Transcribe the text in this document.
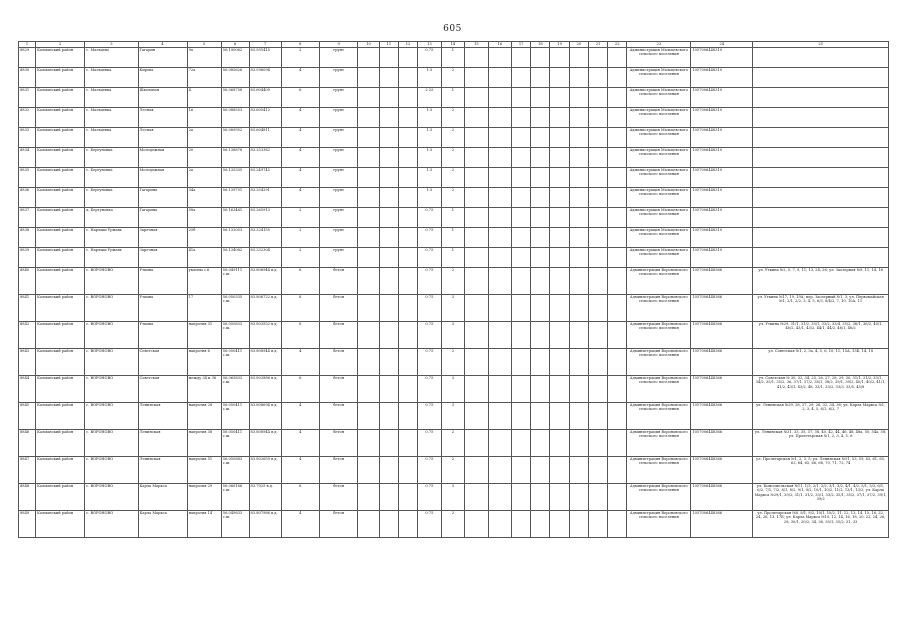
605
1	2	3	4	5	6	7	8	9	10	11	12	13	14	15	16	17	18	19	20	21	22	23	24	25
8829	Калманский район	с. Мальцево	Гагарин	9а	56.190062	83.591415	2	грунт				0.75	1									Администрация Мальцевского сельского поселения	1057006448310	
8830	Калманский район	с. Мальцевка	Кирова	72а	56.085626	83.596094	4	грунт				1.5	2									Администрация Мальцевского сельского поселения	1057006448310	
8831	Калманский район	с. Мальцевка	Школьная	4	56.068758	83.604409	6	грунт				2.25	1									Администрация Мальцевского сельского поселения	1057006448310	
8832	Калманский район	с. Мальцевка	Лесная	16	56.088553	83.605412	4	грунт				1.5	2									Администрация Мальцевского сельского поселения	1057006448310	
8833	Калманский район	с. Мальцевка	Лесная	2а	56.089952	83.604811	4	грунт				1.5	2									Администрация Мальцевского сельского поселения	1057006448310	
8834	Калманский район	с. Бергуновка	Молодежная	20	56.138878	83.253382	4	грунт				1.5	2									Администрация Мальцевского сельского поселения	1057006448310	
8835	Калманский район	с. Бергуновка	Молодежная	2а	56.135335	83.249745	4	грунт				1.5	2									Администрация Мальцевского сельского поселения	1057006448310	
8836	Калманский район	с. Бергуновка	Гагарина	34а	56.139751	83.254291	4	грунт				1.5	2									Администрация Мальцевского сельского поселения	1057006448310	
8837	Калманский район	д. Бергуновка	Гагарина	58а	56.163461	83.265913	2	грунт				0.75	1									Администрация Мальцевского сельского поселения	1057006448310	
8838	Калманский район	с. Нарлыш Урмань	Заречная	25б	56.132053	83.224155	2	грунт				0.75	1									Администрация Мальцевского сельского поселения	1057006448310	
8839	Калманский район	с. Нарлыш Урмань	Заречная	41а	56.134082	83.232304	2	грунт				0.75	1									Администрация Мальцевского сельского поселения	1057006448310	
8840	Калманский район	с. ВОРОНОВО	Уткина	уклоны с.6	56.049111 с.ш.	83.806944 в.д.	6	бетон				0.75	2									Администрация Вороновского сельского поселения	1057006448366	ул. Уткина №2, 5, 7, 9, 11, 13, 24, 26; ул. Заозерная №9, 11, 14, 16
8841	Калманский район	с. ВОРОНОВО	Уткина	17	56.050335 с.ш.	83.806722 в.д.	6	бетон				0.75	3									Администрация Вороновского сельского поселения	1057006448366	ул. Уткина №17, 19, 19А; пер. Заозерный №1, 3; ул. Первомайская №1, 2/1, 2/2, 3, 4, 5, 6/3, 6/4/2, 7, 10, 10А, 11
8842	Калманский район	с. ВОРОНОВО	Уткина	напротив 31	56.050833 с.ш.	83.803552 в.д.	6	бетон				0.75	3									Администрация Вороновского сельского поселения	1057006448366	ул. Уткина №29, 31/1, 31/2, 33/1, 33/2, 33/4, 35/2, 36/1, 36/2, 40/1, 40/2, 43/1, 43/2, 44/1, 44/2, 46/1, 46/2
8843	Калманский район	с. ВОРОНОВО	Советская	напротив 6	56.050411 с.ш.	83.808944 в.д.	4	бетон				0.75	2									Администрация Вороновского сельского поселения	1057006448366	ул. Советская №1, 2, 3а, 4, 5, 6, 10, 11, 15А, 15Б, 14, 18
8844	Калманский район	с. ВОРОНОВО	Советская	между 34 и 36	56.065833 с.ш.	83.802886 в.д.	6	бетон				0.75	3									Администрация Вороновского сельского поселения	1057006448366	ул. Советская № 30, 32, 34, 25, 26, 27, 28, 29, 30, 31/1, 31/2, 33/1, 34/2, 35/1, 35/2, 36, 37/1, 37/2, 38/1, 38/2, 39/1, 39/2, 40/1, 40/2, 41/1, 41/2, 43/1, 43/2, 48, 33/1, 33/2, 33/3, 33/5, 45/8
8845	Калманский район	с. ВОРОНОВО	Ленинская	напротив 28	56.050411 с.ш.	83.808694 в.д.	4	бетон				0.75	3									Администрация Вороновского сельского поселения	1057006448366	ул. Ленинская №29, 28, 27, 29, 26, 32, 34, 36; ул. Карла Маркса №1, 2, 3, 4, 5, 6/1, 6/2, 7
8846	Калманский район	с. ВОРОНОВО	Ленинская	напротив 38	56.050411 с.ш.	83.808944 в.д.	4	бетон				0.75	2									Администрация Вороновского сельского поселения	1057006448366	ул. Ленинская №31, 33, 35, 37, 38, 40, 42, 44, 46, 48, 48а, 50, 54а, 58; ул. Пролетарская №1, 2, 3, 4, 5, 6
8847	Калманский район	с. ВОРОНОВО	Ленинская	напротив 51	56.050883 с.ш.	83.802659 в.д.	4	бетон				0.75	2									Администрация Вороновского сельского поселения	1057006448366	ул. Пролетарская №1, 2, 3, 5; ул. Ленинская №51, 53, 59, 63, 61, 65, 63, 64, 65, 66, 68, 70, 71, 72, 74
8848	Калманский район	с. ВОРОНОВО	Карла Маркса	напротив 29	56.066166 с.ш.	83.7925 в.д.	6	бетон				0.75	3									Администрация Вороновского сельского поселения	1057006448366	ул. Комсомольская №11, 1/2, 2/1, 2/2, 3/1, 3/2, 4/1, 4/2, 5/1, 5/2, 6/1, 6/2, 7/1, 7/2, 8/1, 8/2, 9/1, 9/2, 10/1, 10/2, 11/2, 13/1, 13/2; ул. Карла Маркса №29/1, 29/2, 31/1, 31/2, 33/1, 33/2, 35/1, 35/2, 37/1, 37/2, 39/1, 39/2
8849	Калманский район	с. ВОРОНОВО	Карла Маркса	напротив 14	56.049833 с.ш.	83.807986 в.д.	4	бетон				0.75	2									Администрация Вороновского сельского поселения	1057006448366	ул. Пролетарская №8, 9/1, 9/2, 10/1, 10/2, 11, 12, 13, 14, 15, 18, 22, 24, 26, 13, 17Б; ул. Карла Маркса №10, 12, 14, 16, 18, 20, 22, 24, 26, 28, 30/1, 30/2, 34, 36, 35/1, 35/2, 31, 33
